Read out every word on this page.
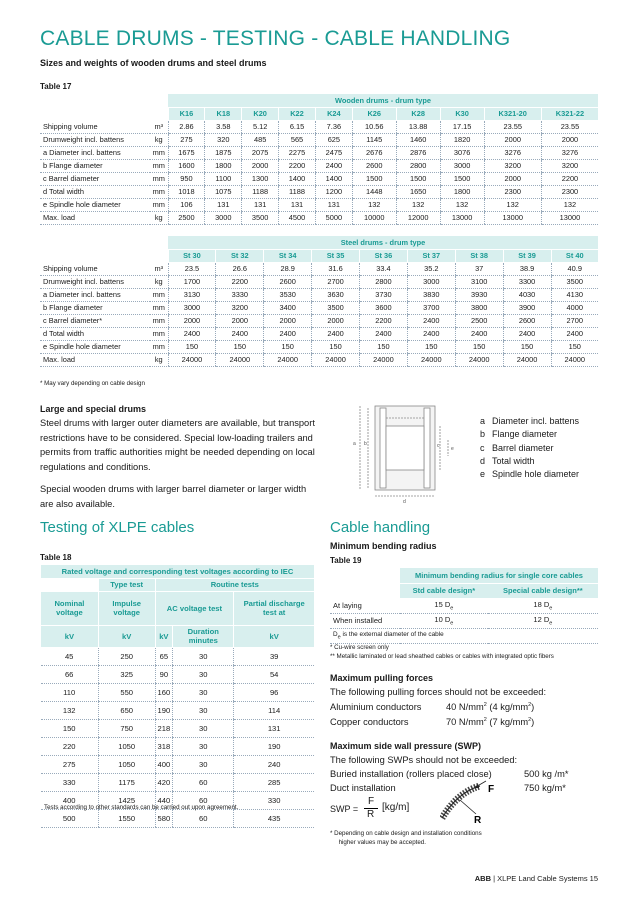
CABLE DRUMS - TESTING - CABLE HANDLING
Sizes and weights of wooden drums and steel drums
Table 17
		Wooden drums - drum type									
		K16	K18	K20	K22	K24	K26	K28	K30	K321-20	K321-22
Shipping volume	m³	2.86	3.58	5.12	6.15	7.36	10.56	13.88	17.15	23.55	23.55
Drumweight incl. battens	kg	275	320	485	565	625	1145	1460	1820	2000	2000
a Diameter incl. battens	mm	1675	1875	2075	2275	2475	2676	2876	3076	3276	3276
b Flange diameter	mm	1600	1800	2000	2200	2400	2600	2800	3000	3200	3200
c Barrel diameter	mm	950	1100	1300	1400	1400	1500	1500	1500	2000	2200
d Total width	mm	1018	1075	1188	1188	1200	1448	1650	1800	2300	2300
e Spindle hole diameter	mm	106	131	131	131	131	132	132	132	132	132
Max. load	kg	2500	3000	3500	4500	5000	10000	12000	13000	13000	13000
		Steel drums - drum type								
		St 30	St 32	St 34	St 35	St 36	St 37	St 38	St 39	St 40
Shipping volume	m³	23.5	26.6	28.9	31.6	33.4	35.2	37	38.9	40.9
Drumweight incl. battens	kg	1700	2200	2600	2700	2800	3000	3100	3300	3500
a Diameter incl. battens	mm	3130	3330	3530	3630	3730	3830	3930	4030	4130
b Flange diameter	mm	3000	3200	3400	3500	3600	3700	3800	3900	4000
c Barrel diameter*	mm	2000	2000	2000	2000	2200	2400	2500	2600	2700
d Total width	mm	2400	2400	2400	2400	2400	2400	2400	2400	2400
e Spindle hole diameter	mm	150	150	150	150	150	150	150	150	150
Max. load	kg	24000	24000	24000	24000	24000	24000	24000	24000	24000
* May vary depending on cable design
Large and special drums
Steel drums with larger outer diameters are available, but transport restrictions have to be considered. Special low-loading trailers and permits from traffic authorities might be needed depending on local regulations and conditions.
Special wooden drums with larger barrel diameter or larger width are also available.
a b	c
d
e
a Diameter incl. battens
b Flange diameter
c Barrel diameter
d Total width
e Spindle hole diameter
Testing of XLPE cables
Table 18
Rated voltage and corresponding test voltages according to IEC				
	Type test	Routine tests		
Nominal voltage	Impulse voltage	AC voltage test		Partial discharge test at
kV	kV	kV	Duration minutes	kV
45	250	65	30	39
66	325	90	30	54
110	550	160	30	96
132	650	190	30	114
150	750	218	30	131
220	1050	318	30	190
275	1050	400	30	240
330	1175	420	60	285
400	1425	440	60	330
500	1550	580	60	435
Tests according to other standards can be carried out upon agreement.
Cable handling
Minimum bending radius
Table 19
	Minimum bending radius for single core cables	
	Std cable design*	Special cable design**
At laying	15 $D_e$	18 $D_e$
When installed	10 $D_e$	12 $D_e$
$D_e$ is the external diameter of the cable		
* Cu-wire screen only
** Metallic laminated or lead sheathed cables or cables with integrated optic fibers
Maximum pulling forces
The following pulling forces should not be exceeded:
Aluminium conductors	40 $N/mm^2$ (4 $kg/mm^2$)
Copper conductors	70 $N/mm^2$ (7 $kg/mm^2$)
Maximum side wall pressure (SWP)
The following SWPs should not be exceeded:
Buried installation (rollers placed close)	500 kg /m*
Duct installation	750 kg/m*
SWP =
F
R
[kg/m]
R
F
* Depending on cable design and installation conditions
higher values may be accepted.
ABB | XLPE Land Cable Systems 15
